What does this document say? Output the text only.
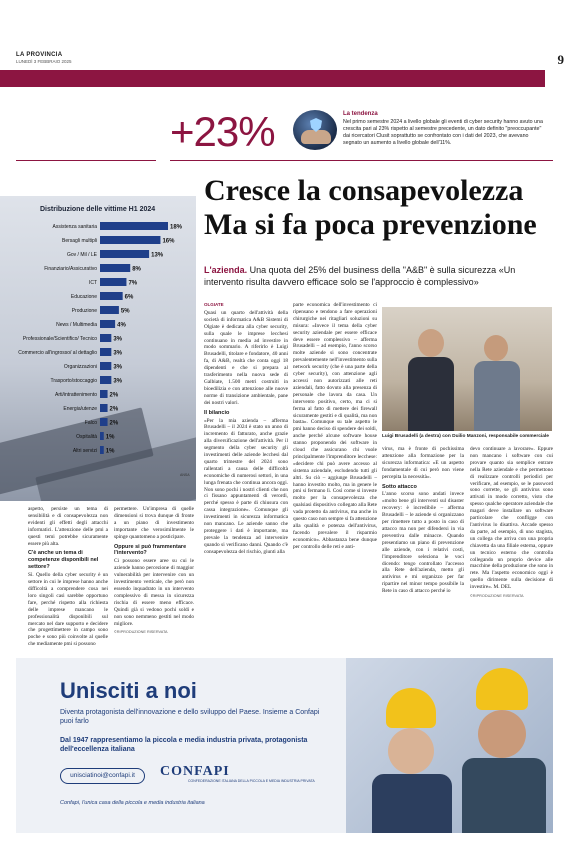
LA PROVINCIA
LUNEDÌ 3 FEBBRAIO 2025	9
+23%	La tendenza
Nel primo semestre 2024 a livello globale gli eventi di cyber security hanno avuto una crescita pari al 23% rispetto al semestre precedente, un dato definito "preoccupante" dai ricercatori Clusit soprattutto se confrontato con i dati del 2023, che avevano segnato un aumento a livello globale dell'11%.
Distribuzione delle vittime H1 2024
Assistenza sanitaria	18%
Bersagli multipli	16%
Gov / Mil / LE	13%
Finanziario/Assicurativo	8%
ICT	7%
Educazione	6%
Produzione	5%
News / Multimedia	4%
Professionale/Scientifico/ Tecnico	3%
Commercio all'ingrosso/ al dettaglio	3%
Organizzazioni	3%
Trasporto/stoccaggio	3%
Arti/intrattenimento 2%
Energia/utenze 2%
Falco 2%
Ospitalità 1%
Altri servizi 1%
ANSA
Cresce la consapevolezza
Ma si fa poca prevenzione
L'azienda. Una quota del 25% del business della "A&B" è sulla sicurezza «Un intervento risulta davvero efficace solo se l'approccio è complessivo»

aspetto, persiste un tema di sensibilità e di consapevolezza non evidenti gli effetti degli attacchi informatici. L'attenzione delle pmi a questi temi potrebbe sicuramente essere più alta.

C'è anche un tema di competenze disponibili nel settore?

Sì. Quello della cyber security è un settore in cui le imprese hanno anche difficoltà a comprendere cosa nei loro singoli casi sarebbe opportuno fare, perché rispetto alla richiesta delle imprese mancano le professionalità disponibili sul mercato nel dare supporto e decidere che progettimettere in campo sono poche e sono più coinvolte al quelle che mediamente pmi si possono

permettere. Un'impresa di quelle dimensioni si trova dunque di fronte a un piano di investimento importante che verosimilmente le spinge quantomeno a posticipare.

Oppure si può frammentare l'intervento?

Ci possono essere aree su cui le aziende hanno percezione di maggior vulnerabilità per intervenire con un investimento verticale, che però non essendo inquadrato in un intervento complessivo di messa in sicurezza rischia di essere meno efficace. Quindi già si vedono pochi soldi e non sono nemmeno gestiti nel modo migliore.

©RIPRODUZIONE RISERVATA

OLGIATE

Quasi un quarto dell'attività della società di informatica A&B Sistemi di Olgiate è dedicata alla cyber security, sulla quale le imprese lecchesi continuano in media ad investire in modo sommario. A riferirlo è Luigi Brusadelli, titolare e fondatore, 40 anni fa, di A&B, realtà che conta oggi 18 dipendenti e che si prepara al trasferimento nella nuova sede di Galbiate, 1.500 metri costruiti in bioedilizia e con attenzione alle nuove norme di transizione ambientale, pane dei nostri valori.

Il bilancio

«Per la mia azienda – afferma Brusadelli – il 2024 è stato un anno di incremento di fatturato, anche grazie alla diversificazione dell'attività. Per il segmento della cyber security gli investimenti delle aziende lecchesi dal quarto trimestre del 2024 sono rallentati a causa delle difficoltà economiche di numerosi settori, in una lunga frenata che continua ancora oggi. Non sono pochi i nostri clienti che non ci fissano appuntamenti di verordi, perché spesso è parte di chiusura con cassa integrazione». Comunque gli investimenti in sicurezza informatica non mancano. Le aziende sanno che proteggere i dati è importante, ma prevale la tendenza ad intervenire quando si verificano danni. Quando c'è consapevolezza del rischio, giunti alla

parte economica dell'investimento ci ripensano e tendono a fare operazioni chirurgiche nei ritagliari soluzioni su misura: «Invece il tema della cyber security aziendale per essere efficace deve essere complessivo – afferma Brusadelli – ad esempio, l'anno scorso molte aziende si sono concentrate prevalentemente nell'investimento sulla network security (che è una parte della cyber security), con attenzione agli accessi non autorizzati alle reti aziendali, fatto dovuto alla presenza di personale che lavora da casa. Un intervento positivo, certo, ma ci si ferma al fatto di mettere dei firewall sicuramente gestiti e di qualità, ma non basta». Comunque su tale aspetto le pmi hanno deciso di spendere dei soldi, anche perché alcune software house stanno proponendo dei software in cloud che assicurano chi vuole principalmente l'imprenditore lecchese: «decidere chi può avere accesso al sistema aziendale, escludendo tutti gli altri. Su ciò – aggiunge Brusadelli – hanno investito molto, ma in genere le pmi si fermano lì. Così come si investe molto per la consapevolezza che qualsiasi dispositivo collegato alla Rete vada protetto da antivirus, ma anche in questo caso non sempre si fa attenzione alla qualità e potenza dell'antivirus, facendo prevalere il risparmio economico». Abbastanza bene dunque per controllo delle reti e anti-

Luigi Brusadelli (a destra) con Duilio Manzoni, responsabile commerciale

virus, ma è fronte di pochissima attenzione alla formazione per la sicurezza informatica: «E un aspetto fondamentale di cui però non viene percepita la necessità».

Sotto attacco

L'anno scorso sono andati invece «molto bene gli interventi sul disaster recovery: è incredibile – afferma Brusadelli – le aziende si organizzano per rimettere tutto a posto in caso di attacco ma non per difendersi in via preventiva dalle minacce. Quando presentiamo un piano di prevenzione alle aziende, con i relativi costi, l'imprenditore seleziona le voci dicendo: tengo controllato l'accesso alla Rete dell'azienda, metto gli antivirus e mi organizzo per far ripartire nel minor tempo possibile la Rete in caso di attacco perché io

devo continuare a lavorare». Eppure non mancano i software con cui provare quanto sia semplice entrare nella Rete aziendale e che permettono di realizzare controlli periodici per verificare, ad esempio, se le password sono corrette, se gli antivirus sono attivati in modo corretto, visto che spesso qualche operatore aziendale che magari deve installare un software particolare che confligge con l'antivirus lo disattiva. Accade spesso da parte, ad esempio, di uno stagista, un collega che arriva con una propria chiavetta da una filiale esterna, oppure un tecnico esterno che controlla collegando un proprio device alle macchine della produzione che sono in rete. Ma l'aspetto economico oggi è quello dirimente sulla decisione di investire». M. DEL

©RIPRODUZIONE RISERVATA
Unisciti a noi
Diventa protagonista dell'innovazione e dello sviluppo del Paese. Insieme a Confapi puoi farlo
Dal 1947 rappresentiamo la piccola e media industria privata, protagonista dell'eccellenza italiana
unisciatinoi@confapi.it	CONFAPI
CONFEDERAZIONE ITALIANA DELLA PICCOLA E MEDIA INDUSTRIA PRIVATA
Confapi, l'unica casa della piccola e media industria italiana
